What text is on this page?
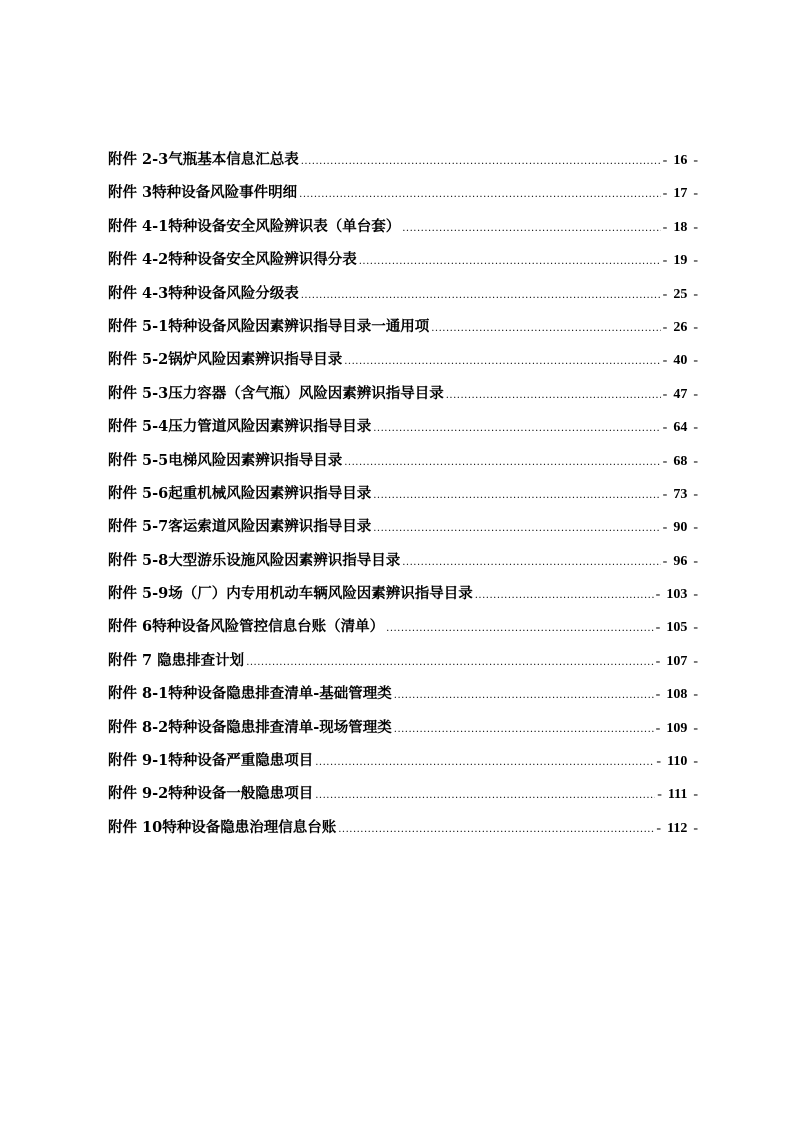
附件 2-3气瓶基本信息汇总表 .....	- 16 -
附件 3特种设备风险事件明细 .....	- 17 -
附件 4-1特种设备安全风险辨识表（单台套） .....	- 18 -
附件 4-2特种设备安全风险辨识得分表 .....	- 19 -
附件 4-3特种设备风险分级表 .....	- 25 -
附件 5-1特种设备风险因素辨识指导目录一通用项 .....	- 26 -
附件 5-2锅炉风险因素辨识指导目录 .....	- 40 -
附件 5-3压力容器（含气瓶）风险因素辨识指导目录 .....	- 47 -
附件 5-4压力管道风险因素辨识指导目录 .....	- 64 -
附件 5-5电梯风险因素辨识指导目录 .....	- 68 -
附件 5-6起重机械风险因素辨识指导目录 .....	- 73 -
附件 5-7客运索道风险因素辨识指导目录 .....	- 90 -
附件 5-8大型游乐设施风险因素辨识指导目录 .....	- 96 -
附件 5-9场（厂）内专用机动车辆风险因素辨识指导目录 .....	- 103 -
附件 6特种设备风险管控信息台账（清单） .....	- 105 -
附件 7 隐患排查计划 .....	- 107 -
附件 8-1特种设备隐患排查清单-基础管理类 .....	- 108 -
附件 8-2特种设备隐患排查清单-现场管理类 .....	- 109 -
附件 9-1特种设备严重隐患项目 .....	- 110 -
附件 9-2特种设备一般隐患项目 .....	- 111 -
附件 10特种设备隐患治理信息台账 .....	- 112 -
